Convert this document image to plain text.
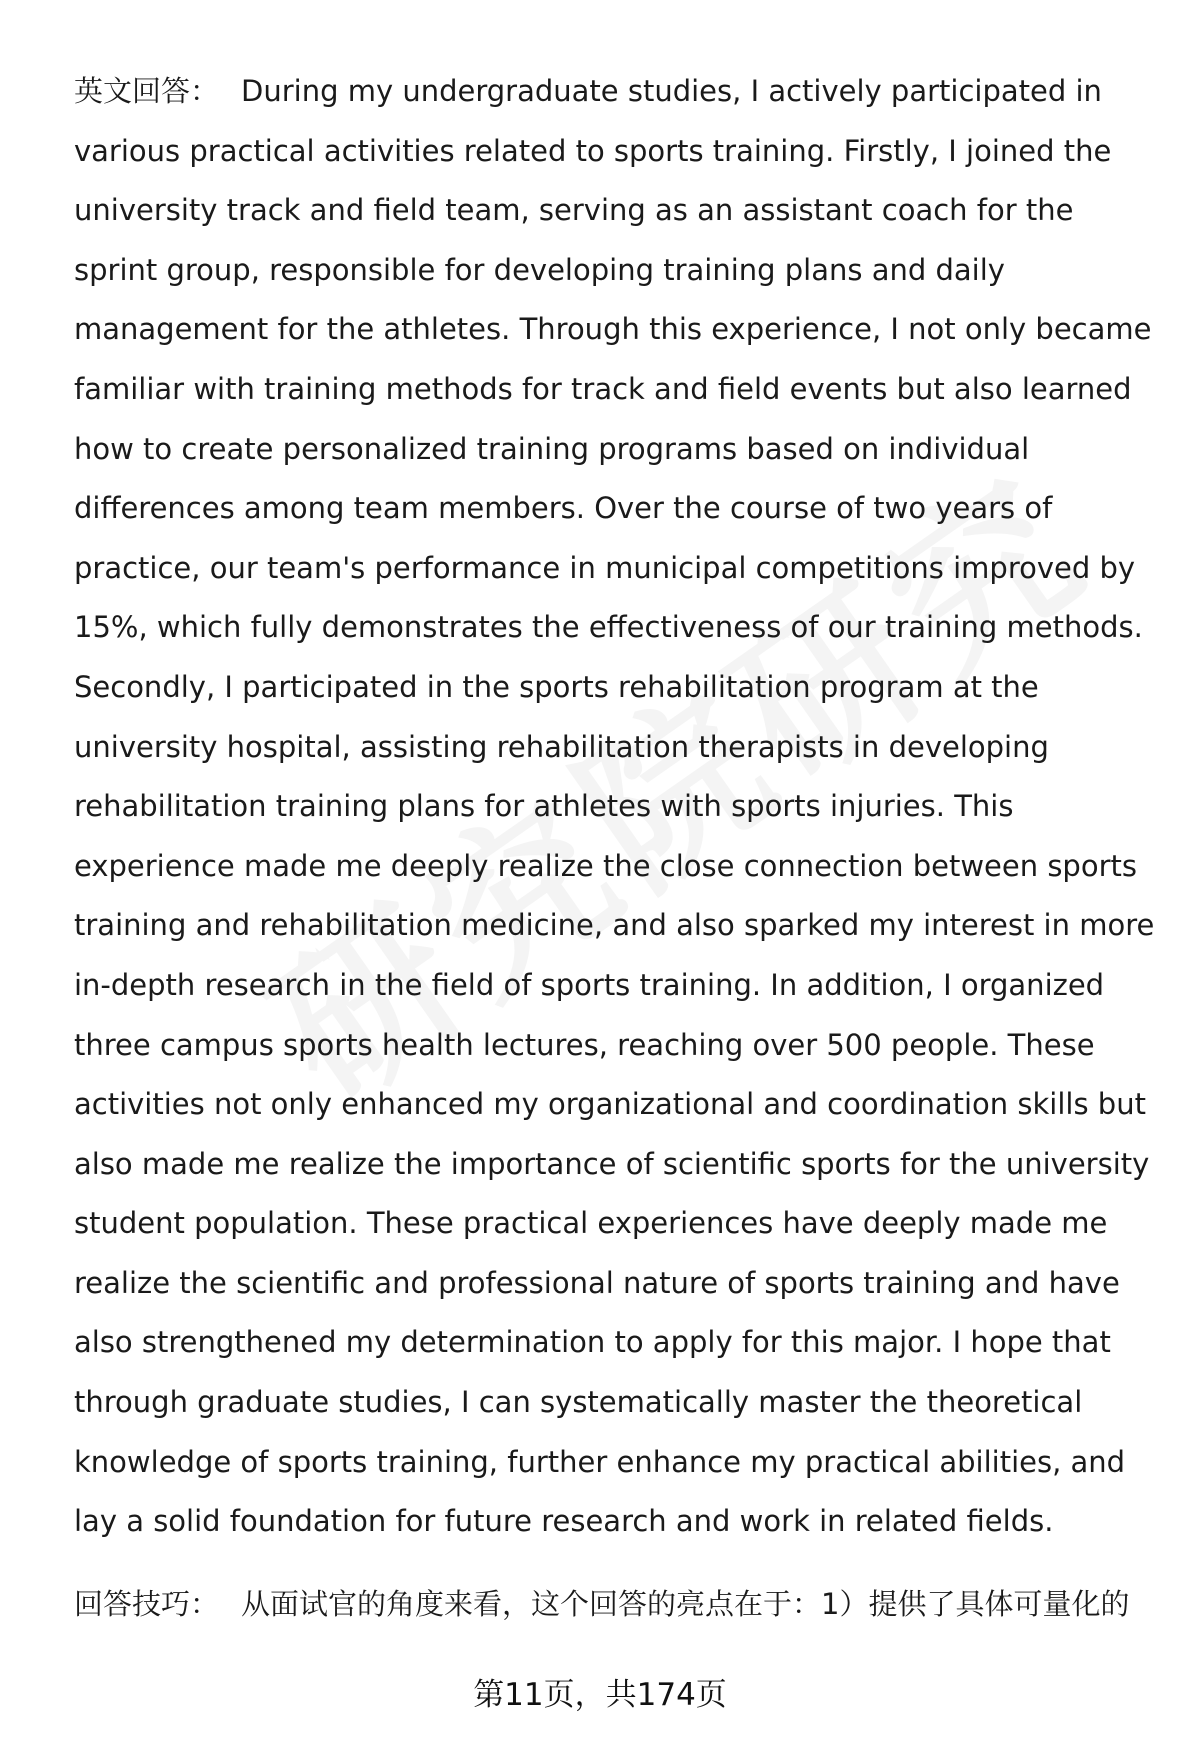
英文回答： During my undergraduate studies, I actively participated in various practical activities related to sports training. Firstly, I joined the university track and field team, serving as an assistant coach for the sprint group, responsible for developing training plans and daily management for the athletes. Through this experience, I not only became familiar with training methods for track and field events but also learned how to create personalized training programs based on individual differences among team members. Over the course of two years of practice, our team's performance in municipal competitions improved by 15%, which fully demonstrates the effectiveness of our training methods. Secondly, I participated in the sports rehabilitation program at the university hospital, assisting rehabilitation therapists in developing rehabilitation training plans for athletes with sports injuries. This experience made me deeply realize the close connection between sports training and rehabilitation medicine, and also sparked my interest in more in-depth research in the field of sports training. In addition, I organized three campus sports health lectures, reaching over 500 people. These activities not only enhanced my organizational and coordination skills but also made me realize the importance of scientific sports for the university student population. These practical experiences have deeply made me realize the scientific and professional nature of sports training and have also strengthened my determination to apply for this major. I hope that through graduate studies, I can systematically master the theoretical knowledge of sports training, further enhance my practical abilities, and lay a solid foundation for future research and work in related fields.

回答技巧： 从面试官的角度来看，这个回答的亮点在于：1）提供了具体可量化的
第11页，共174页
